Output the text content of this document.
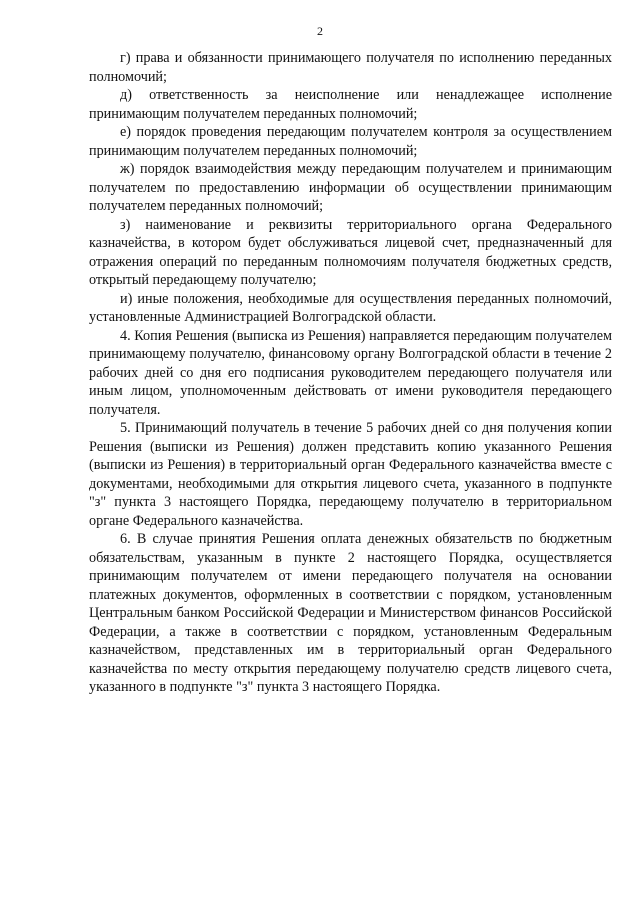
2

г) права и обязанности принимающего получателя по исполнению переданных полномочий;

д) ответственность за неисполнение или ненадлежащее исполнение принимающим получателем переданных полномочий;

е) порядок проведения передающим получателем контроля за осуществлением принимающим получателем переданных полномочий;

ж) порядок взаимодействия между передающим получателем и принимающим получателем по предоставлению информации об осуществлении принимающим получателем переданных полномочий;

з) наименование и реквизиты территориального органа Федерального казначейства, в котором будет обслуживаться лицевой счет, предназначенный для отражения операций по переданным полномочиям получателя бюджетных средств, открытый передающему получателю;

и) иные положения, необходимые для осуществления переданных полномочий, установленные Администрацией Волгоградской области.

4. Копия Решения (выписка из Решения) направляется передающим получателем принимающему получателю, финансовому органу Волгоградской области в течение 2 рабочих дней со дня его подписания руководителем передающего получателя или иным лицом, уполномоченным действовать от имени руководителя передающего получателя.

5. Принимающий получатель в течение 5 рабочих дней со дня получения копии Решения (выписки из Решения) должен представить копию указанного Решения (выписки из Решения) в территориальный орган Федерального казначейства вместе с документами, необходимыми для открытия лицевого счета, указанного в подпункте "з" пункта 3 настоящего Порядка, передающему получателю в территориальном органе Федерального казначейства.

6. В случае принятия Решения оплата денежных обязательств по бюджетным обязательствам, указанным в пункте 2 настоящего Порядка, осуществляется принимающим получателем от имени передающего получателя на основании платежных документов, оформленных в соответствии с порядком, установленным Центральным банком Российской Федерации и Министерством финансов Российской Федерации, а также в соответствии с порядком, установленным Федеральным казначейством, представленных им в территориальный орган Федерального казначейства по месту открытия передающему получателю средств лицевого счета, указанного в подпункте "з" пункта 3 настоящего Порядка.
